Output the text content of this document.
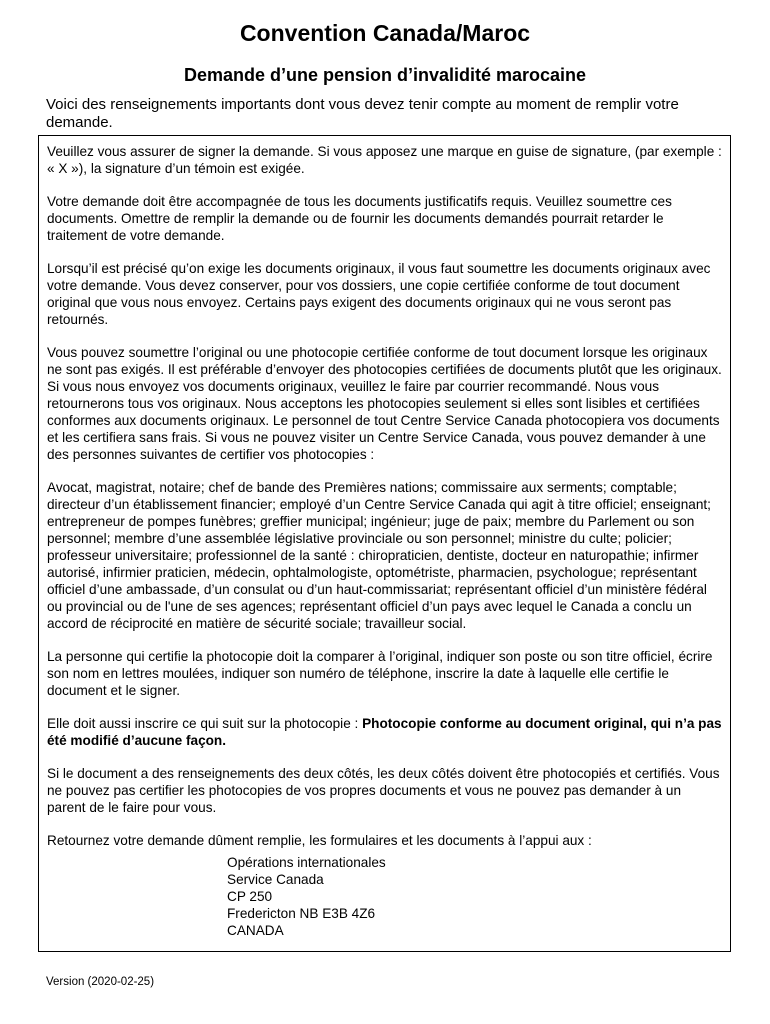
Convention Canada/Maroc
Demande d’une pension d’invalidité marocaine

Voici des renseignements importants dont vous devez tenir compte au moment de remplir votre demande.

Veuillez vous assurer de signer la demande. Si vous apposez une marque en guise de signature, (par exemple : « X »), la signature d’un témoin est exigée.

Votre demande doit être accompagnée de tous les documents justificatifs requis. Veuillez soumettre ces documents. Omettre de remplir la demande ou de fournir les documents demandés pourrait retarder le traitement de votre demande.

Lorsqu’il est précisé qu’on exige les documents originaux, il vous faut soumettre les documents originaux avec votre demande. Vous devez conserver, pour vos dossiers, une copie certifiée conforme de tout document original que vous nous envoyez. Certains pays exigent des documents originaux qui ne vous seront pas retournés.

Vous pouvez soumettre l’original ou une photocopie certifiée conforme de tout document lorsque les originaux ne sont pas exigés. Il est préférable d’envoyer des photocopies certifiées de documents plutôt que les originaux. Si vous nous envoyez vos documents originaux, veuillez le faire par courrier recommandé. Nous vous retournerons tous vos originaux. Nous acceptons les photocopies seulement si elles sont lisibles et certifiées conformes aux documents originaux. Le personnel de tout Centre Service Canada photocopiera vos documents et les certifiera sans frais. Si vous ne pouvez visiter un Centre Service Canada, vous pouvez demander à une des personnes suivantes de certifier vos photocopies :

Avocat, magistrat, notaire; chef de bande des Premières nations; commissaire aux serments; comptable; directeur d’un établissement financier; employé d’un Centre Service Canada qui agit à titre officiel; enseignant; entrepreneur de pompes funèbres; greffier municipal; ingénieur; juge de paix; membre du Parlement ou son personnel; membre d’une assemblée législative provinciale ou son personnel; ministre du culte; policier; professeur universitaire; professionnel de la santé : chiropraticien, dentiste, docteur en naturopathie; infirmer autorisé, infirmier praticien, médecin, ophtalmologiste, optométriste, pharmacien, psychologue; représentant officiel d’une ambassade, d’un consulat ou d’un haut-commissariat; représentant officiel d’un ministère fédéral ou provincial ou de l'une de ses agences; représentant officiel d’un pays avec lequel le Canada a conclu un accord de réciprocité en matière de sécurité sociale; travailleur social.

La personne qui certifie la photocopie doit la comparer à l’original, indiquer son poste ou son titre officiel, écrire son nom en lettres moulées, indiquer son numéro de téléphone, inscrire la date à laquelle elle certifie le document et le signer.

Elle doit aussi inscrire ce qui suit sur la photocopie : Photocopie conforme au document original, qui n’a pas été modifié d’aucune façon.

Si le document a des renseignements des deux côtés, les deux côtés doivent être photocopiés et certifiés. Vous ne pouvez pas certifier les photocopies de vos propres documents et vous ne pouvez pas demander à un parent de le faire pour vous.

Retournez votre demande dûment remplie, les formulaires et les documents à l’appui aux :

Opérations internationales
Service Canada
CP 250
Fredericton NB E3B 4Z6
CANADA

Version (2020-02-25)
